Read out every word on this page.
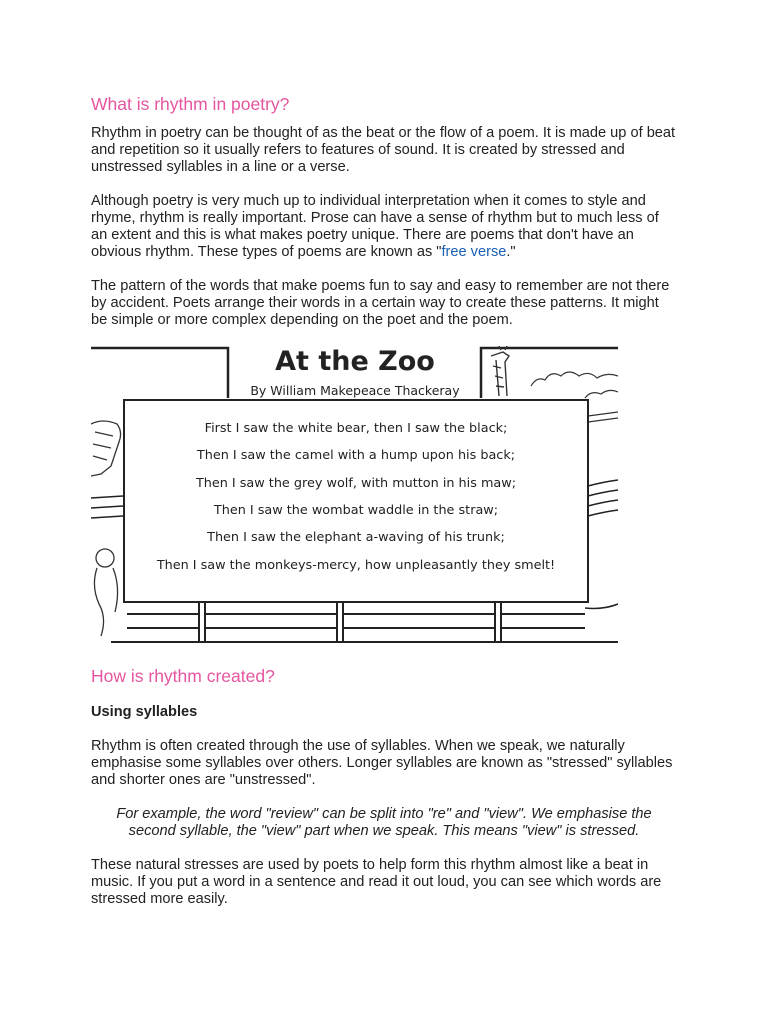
What is rhythm in poetry?

Rhythm in poetry can be thought of as the beat or the flow of a poem. It is made up of beat and repetition so it usually refers to features of sound. It is created by stressed and unstressed syllables in a line or a verse.

Although poetry is very much up to individual interpretation when it comes to style and rhyme, rhythm is really important. Prose can have a sense of rhythm but to much less of an extent and this is what makes poetry unique. There are poems that don't have an obvious rhythm. These types of poems are known as "free verse."

The pattern of the words that make poems fun to say and easy to remember are not there by accident. Poets arrange their words in a certain way to create these patterns. It might be simple or more complex depending on the poet and the poem.

At the Zoo
By William Makepeace Thackeray
First I saw the white bear, then I saw the black;
Then I saw the camel with a hump upon his back;
Then I saw the grey wolf, with mutton in his maw;
Then I saw the wombat waddle in the straw;
Then I saw the elephant a-waving of his trunk;
Then I saw the monkeys-mercy, how unpleasantly they smelt!
How is rhythm created?

Using syllables

Rhythm is often created through the use of syllables. When we speak, we naturally emphasise some syllables over others. Longer syllables are known as "stressed" syllables and shorter ones are "unstressed".

For example, the word "review" can be split into "re" and "view". We emphasise the second syllable, the "view" part when we speak. This means "view" is stressed.

These natural stresses are used by poets to help form this rhythm almost like a beat in music. If you put a word in a sentence and read it out loud, you can see which words are stressed more easily.
